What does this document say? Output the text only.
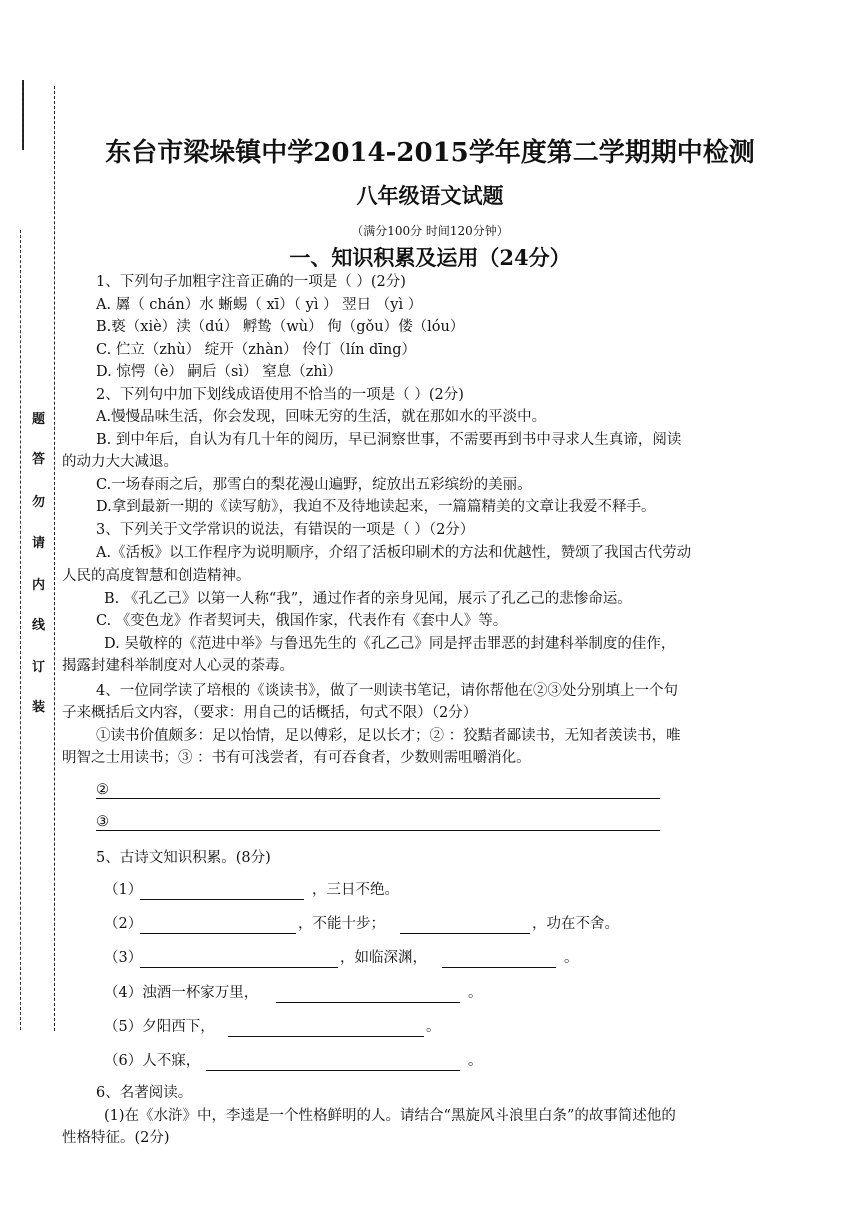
题
答
勿
请
内
线
订
装
东台市梁垛镇中学2014-2015学年度第二学期期中检测
八年级语文试题
（满分100分 时间120分钟）
一、知识积累及运用（24分）
1、下列句子加粗字注音正确的一项是（ ）(2分)
A. 羼（ chán）水 蜥蜴（ xī）（ yì ） 翌日 （yì ）
B.亵（xiè）渎（dú） 孵鸷（wù） 佝（gǒu）偻（lóu）
C. 伫立（zhù） 绽开（zhàn） 伶仃（lín dīng）
D. 惊愕（è） 嗣后（sì） 窒息（zhì）
2、下列句中加下划线成语使用不恰当的一项是（ ）(2分)
A.慢慢品味生活，你会发现，回味无穷的生活，就在那如水的平淡中。
B. 到中年后，自认为有几十年的阅历，早已洞察世事，不需要再到书中寻求人生真谛，阅读
的动力大大减退。
C.一场春雨之后，那雪白的梨花漫山遍野，绽放出五彩缤纷的美丽。
D.拿到最新一期的《读写舫》，我迫不及待地读起来，一篇篇精美的文章让我爱不释手。
3、下列关于文学常识的说法，有错误的一项是（ ）（2分）
A.《活板》以工作程序为说明顺序，介绍了活板印刷术的方法和优越性，赞颂了我国古代劳动
人民的高度智慧和创造精神。
B. 《孔乙己》以第一人称“我”，通过作者的亲身见闻，展示了孔乙己的悲惨命运。
C. 《变色龙》作者契诃夫，俄国作家，代表作有《套中人》等。
D. 吴敬梓的《范进中举》与鲁迅先生的《孔乙己》同是抨击罪恶的封建科举制度的佳作，
揭露封建科举制度对人心灵的荼毒。
4、一位同学读了培根的《谈读书》，做了一则读书笔记，请你帮他在②③处分别填上一个句
子来概括后文内容，（要求：用自己的话概括，句式不限）（2分）
①读书价值颇多：足以怡情，足以傅彩，足以长才；② ：狡黠者鄙读书，无知者羡读书，唯
明智之士用读书；③ ：书有可浅尝者，有可吞食者，少数则需咀嚼消化。
②
③
5、古诗文知识积累。(8分)
（1）	，三日不绝。
（2）	，不能十步；	，功在不舍。
（3）	，如临深渊，	。
（4）浊酒一杯家万里，	。
（5）夕阳西下，	。
（6）人不寐，	。
6、名著阅读。
(1)在《水浒》中，李逵是一个性格鲜明的人。请结合“黑旋风斗浪里白条”的故事简述他的
性格特征。(2分)
